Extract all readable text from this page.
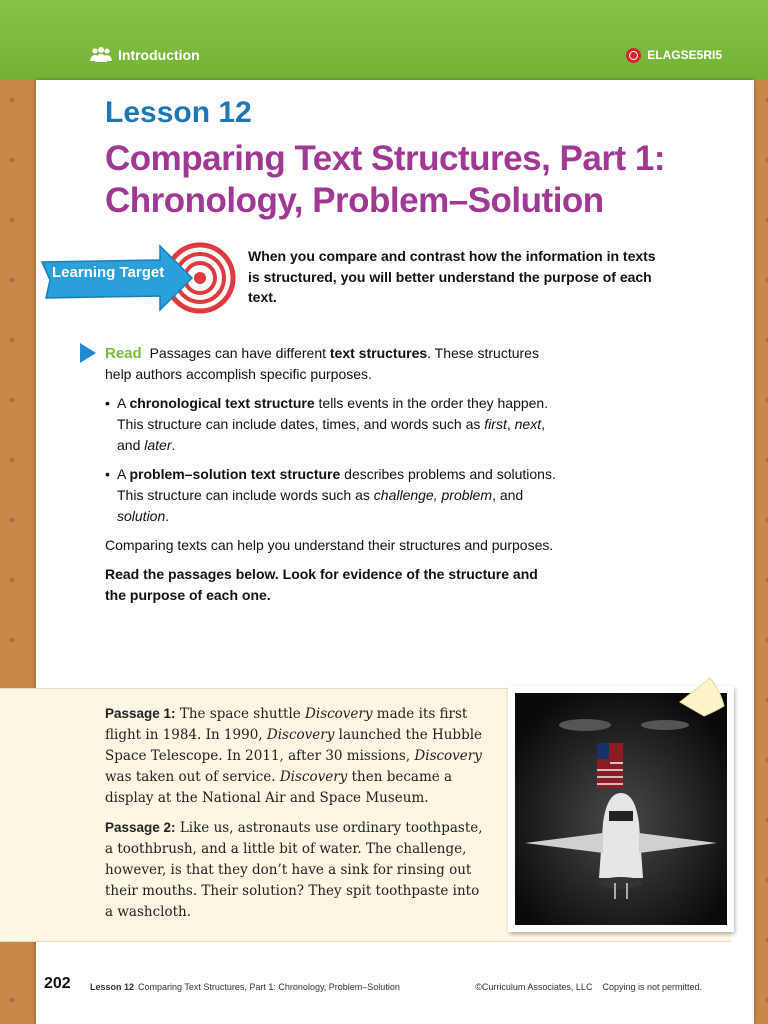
Introduction	ELAGSE5RI5
Lesson 12
Comparing Text Structures, Part 1: Chronology, Problem–Solution
Learning Target
When you compare and contrast how the information in texts is structured, you will better understand the purpose of each text.

Read Passages can have different text structures. These structures help authors accomplish specific purposes.

• A chronological text structure tells events in the order they happen. This structure can include dates, times, and words such as first, next, and later.
• A problem–solution text structure describes problems and solutions. This structure can include words such as challenge, problem, and solution.

Comparing texts can help you understand their structures and purposes.

Read the passages below. Look for evidence of the structure and the purpose of each one.

Passage 1: The space shuttle Discovery made its first flight in 1984. In 1990, Discovery launched the Hubble Space Telescope. In 2011, after 30 missions, Discovery was taken out of service. Discovery then became a display at the National Air and Space Museum.

Passage 2: Like us, astronauts use ordinary toothpaste, a toothbrush, and a little bit of water. The challenge, however, is that they don’t have a sink for rinsing out their mouths. Their solution? They spit toothpaste into a washcloth.

202 Lesson 12 Comparing Text Structures, Part 1: Chronology, Problem–Solution	©Curriculum Associates, LLC    Copying is not permitted.
